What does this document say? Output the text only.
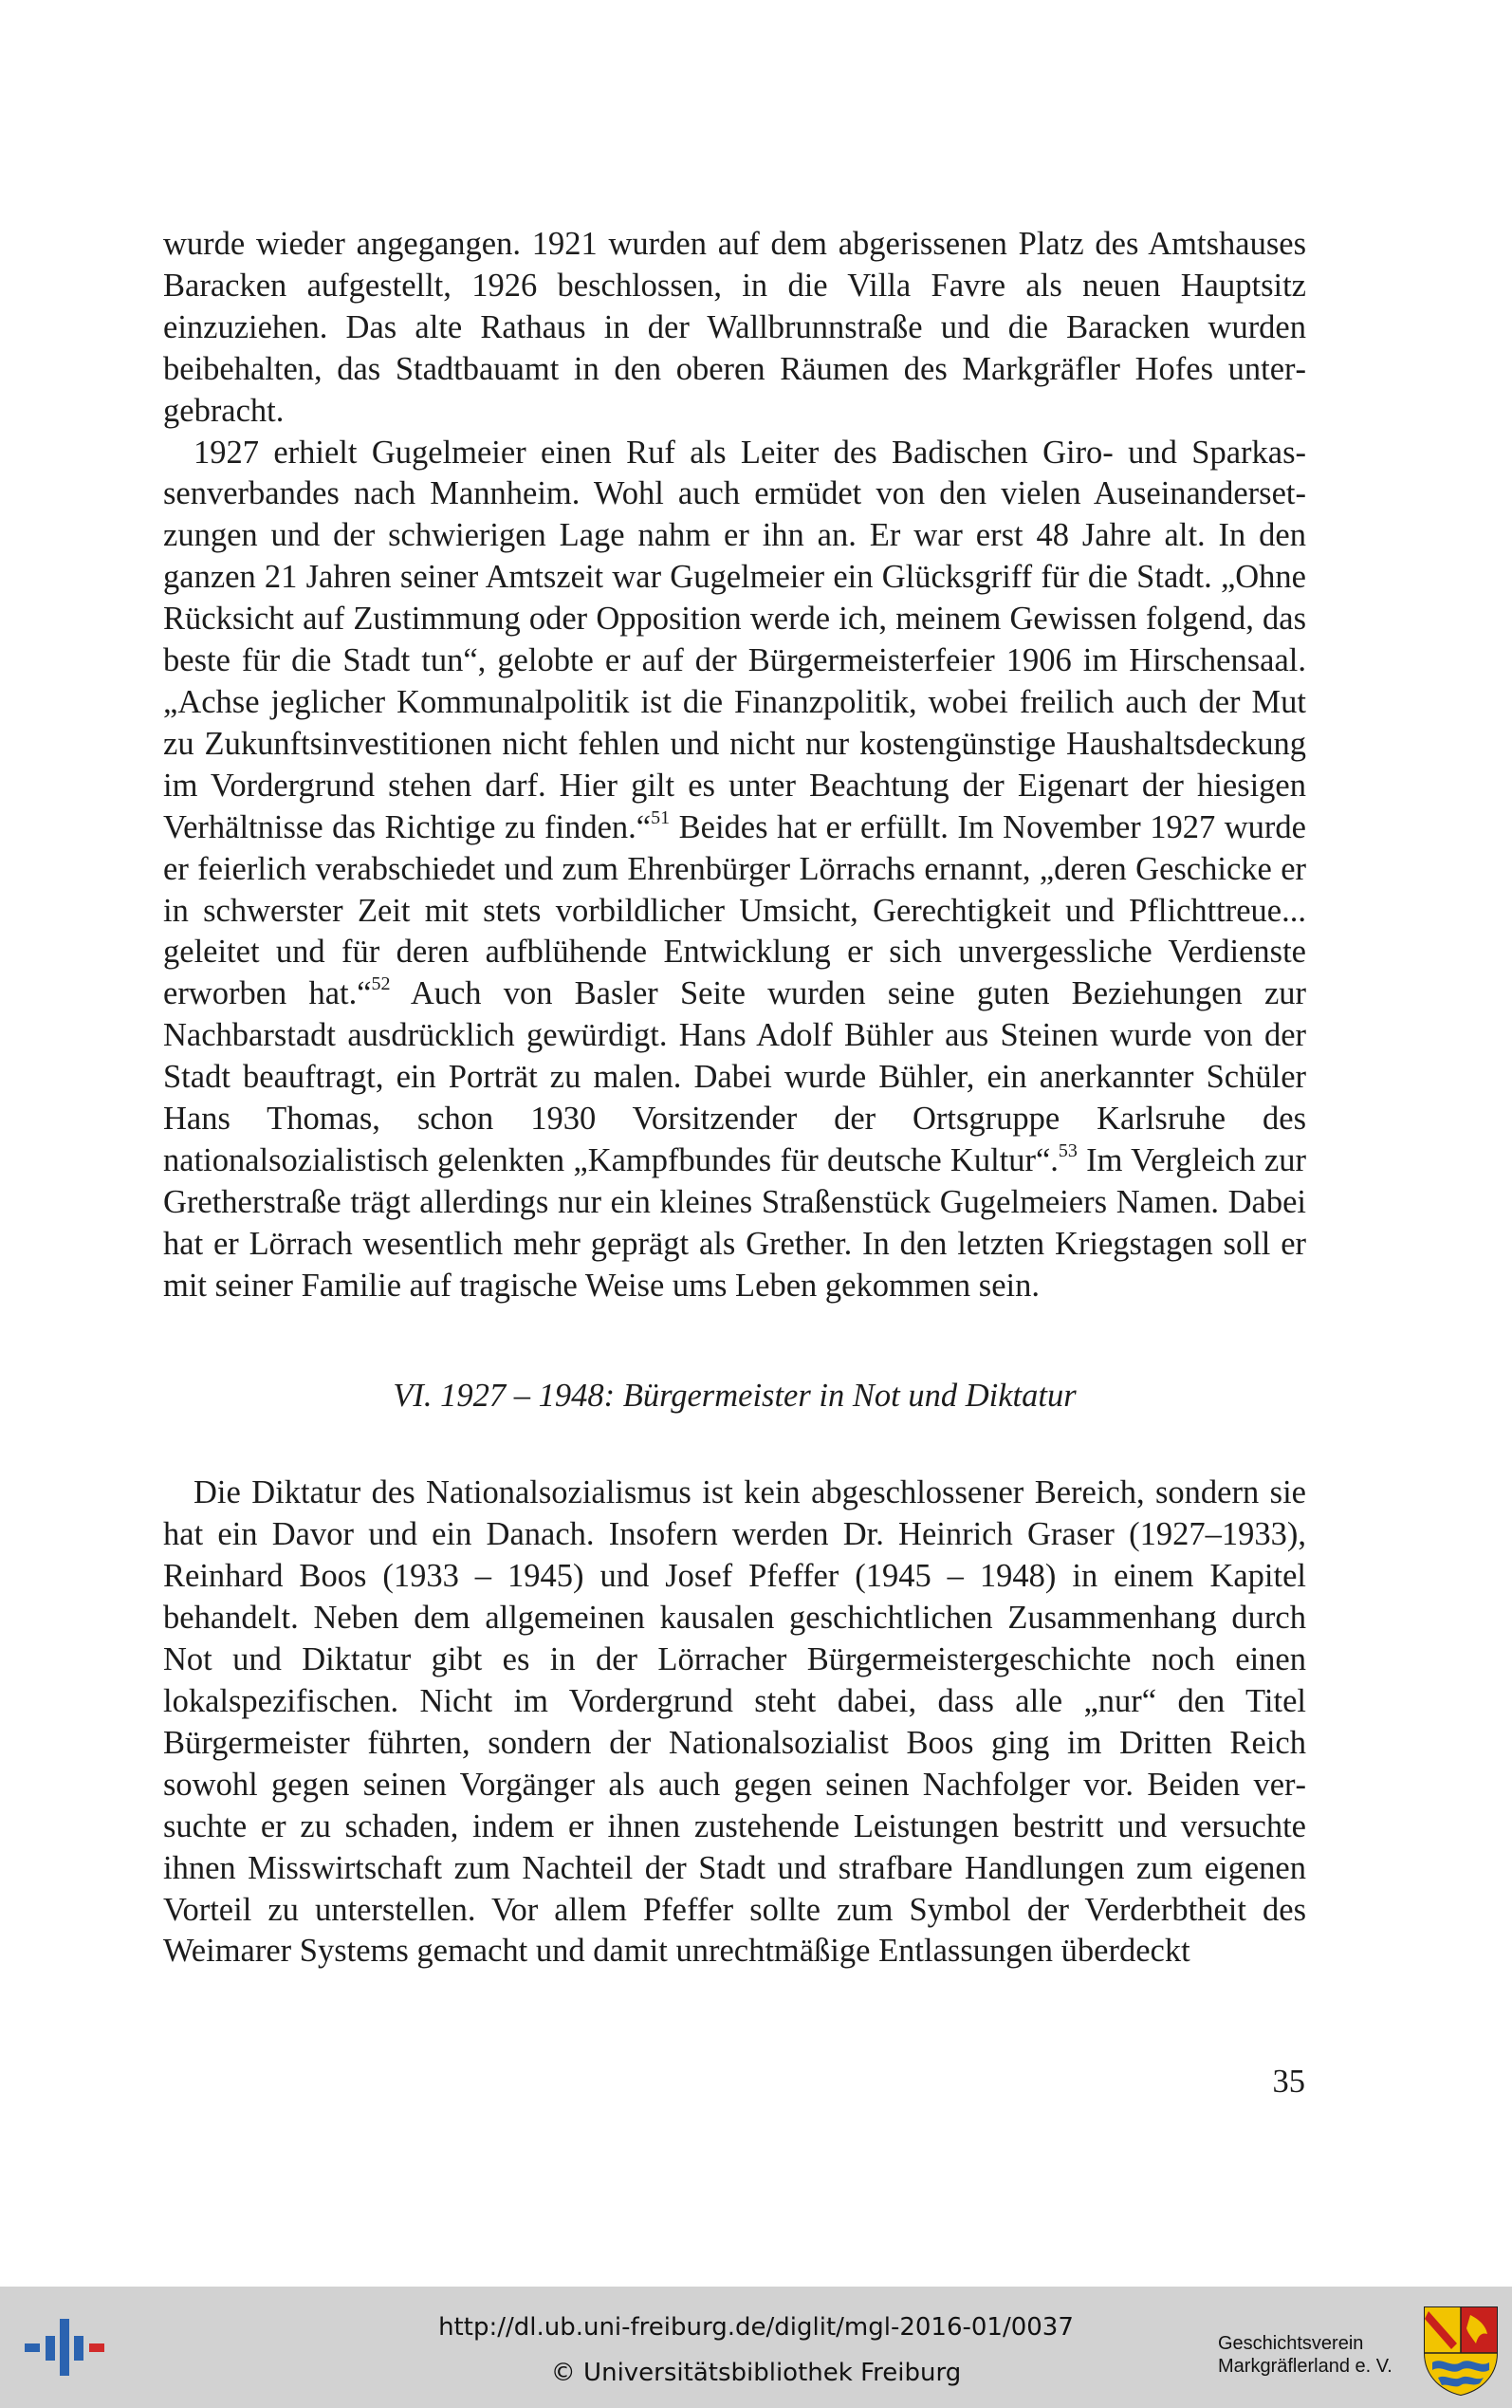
wurde wieder angegangen. 1921 wurden auf dem abgerissenen Platz des Amtshauses Baracken aufgestellt, 1926 beschlossen, in die Villa Favre als neuen Hauptsitz einzuziehen. Das alte Rathaus in der Wallbrunnstraße und die Baracken wurden beibehalten, das Stadtbauamt in den oberen Räumen des Markgräfler Hofes untergebracht.

1927 erhielt Gugelmeier einen Ruf als Leiter des Badischen Giro- und Sparkassenverbandes nach Mannheim. Wohl auch ermüdet von den vielen Auseinandersetzungen und der schwierigen Lage nahm er ihn an. Er war erst 48 Jahre alt. In den ganzen 21 Jahren seiner Amtszeit war Gugelmeier ein Glücksgriff für die Stadt. „Ohne Rücksicht auf Zustimmung oder Opposition werde ich, meinem Gewissen folgend, das beste für die Stadt tun“, gelobte er auf der Bürgermeisterfeier 1906 im Hirschensaal. „Achse jeglicher Kommunalpolitik ist die Finanzpolitik, wobei freilich auch der Mut zu Zukunftsinvestitionen nicht fehlen und nicht nur kostengünstige Haushaltsdeckung im Vordergrund stehen darf. Hier gilt es unter Beachtung der Eigenart der hiesigen Verhältnisse das Richtige zu finden.“$^{51}$ Beides hat er erfüllt. Im November 1927 wurde er feierlich verabschiedet und zum Ehrenbürger Lörrachs ernannt, „deren Geschicke er in schwerster Zeit mit stets vorbildlicher Umsicht, Gerechtigkeit und Pflichttreue... geleitet und für deren aufblühende Entwicklung er sich unvergessliche Verdienste erworben hat.“$^{52}$ Auch von Basler Seite wurden seine guten Beziehungen zur Nachbarstadt ausdrücklich gewürdigt. Hans Adolf Bühler aus Steinen wurde von der Stadt beauftragt, ein Porträt zu malen. Dabei wurde Bühler, ein anerkannter Schüler Hans Thomas, schon 1930 Vorsitzender der Ortsgruppe Karlsruhe des nationalsozialistisch gelenkten „Kampfbundes für deutsche Kultur“.$^{53}$ Im Vergleich zur Gretherstraße trägt allerdings nur ein kleines Straßenstück Gugelmeiers Namen. Dabei hat er Lörrach wesentlich mehr geprägt als Grether. In den letzten Kriegstagen soll er mit seiner Familie auf tragische Weise ums Leben gekommen sein.

VI. 1927 – 1948: Bürgermeister in Not und Diktatur

Die Diktatur des Nationalsozialismus ist kein abgeschlossener Bereich, sondern sie hat ein Davor und ein Danach. Insofern werden Dr. Heinrich Graser (1927–1933), Reinhard Boos (1933 – 1945) und Josef Pfeffer (1945 – 1948) in einem Kapitel behandelt. Neben dem allgemeinen kausalen geschichtlichen Zusammenhang durch Not und Diktatur gibt es in der Lörracher Bürgermeistergeschichte noch einen lokalspezifischen. Nicht im Vordergrund steht dabei, dass alle „nur“ den Titel Bürgermeister führten, sondern der Nationalsozialist Boos ging im Dritten Reich sowohl gegen seinen Vorgänger als auch gegen seinen Nachfolger vor. Beiden versuchte er zu schaden, indem er ihnen zustehende Leistungen bestritt und versuchte ihnen Misswirtschaft zum Nachteil der Stadt und strafbare Handlungen zum eigenen Vorteil zu unterstellen. Vor allem Pfeffer sollte zum Symbol der Verderbtheit des Weimarer Systems gemacht und damit unrechtmäßige Entlassungen überdeckt

35
http://dl.ub.uni-freiburg.de/diglit/mgl-2016-01/0037
© Universitätsbibliothek Freiburg
Geschichtsverein
Markgräflerland e. V.
